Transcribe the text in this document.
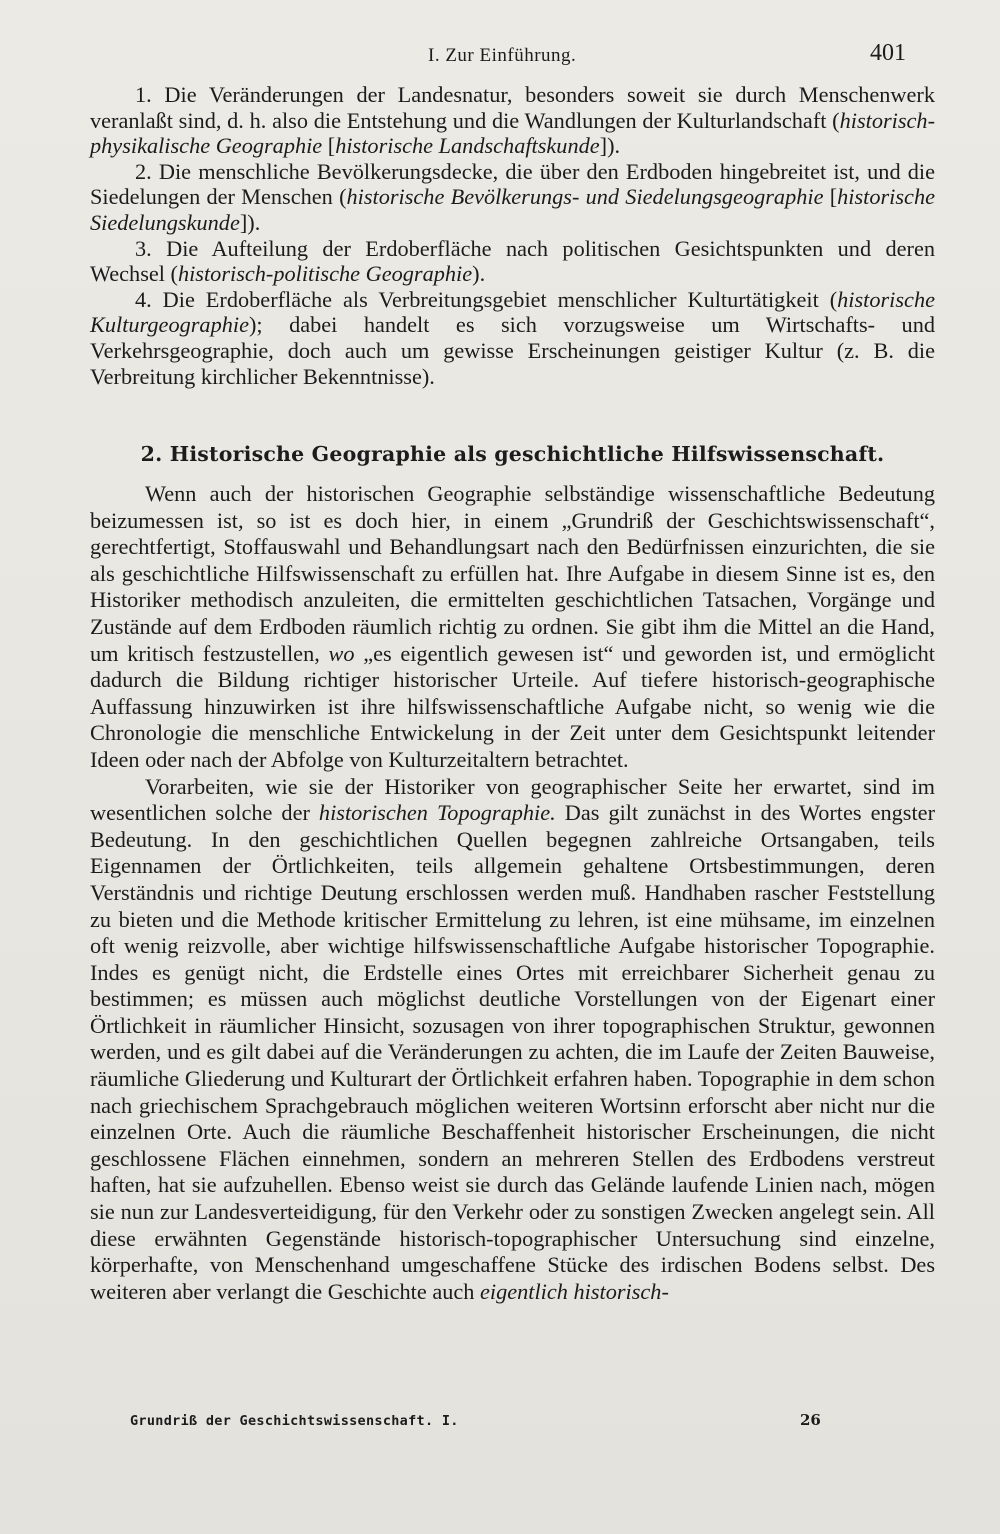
I. Zur Einführung.	401

1. Die Veränderungen der Landesnatur, besonders soweit sie durch Menschenwerk veranlaßt sind, d. h. also die Entstehung und die Wandlungen der Kulturlandschaft (historisch-physikalische Geographie [historische Landschaftskunde]).

2. Die menschliche Bevölkerungsdecke, die über den Erdboden hingebreitet ist, und die Siedelungen der Menschen (historische Bevölkerungs- und Siedelungsgeographie [historische Siedelungskunde]).

3. Die Aufteilung der Erdoberfläche nach politischen Gesichtspunkten und deren Wechsel (historisch-politische Geographie).

4. Die Erdoberfläche als Verbreitungsgebiet menschlicher Kulturtätigkeit (historische Kulturgeographie); dabei handelt es sich vorzugsweise um Wirtschafts- und Verkehrsgeographie, doch auch um gewisse Erscheinungen geistiger Kultur (z. B. die Verbreitung kirchlicher Bekenntnisse).

2. Historische Geographie als geschichtliche Hilfswissenschaft.

Wenn auch der historischen Geographie selbständige wissenschaftliche Bedeutung beizumessen ist, so ist es doch hier, in einem „Grundriß der Geschichtswissenschaft“, gerechtfertigt, Stoffauswahl und Behandlungsart nach den Bedürfnissen einzurichten, die sie als geschichtliche Hilfswissenschaft zu erfüllen hat. Ihre Aufgabe in diesem Sinne ist es, den Historiker methodisch anzuleiten, die ermittelten geschichtlichen Tatsachen, Vorgänge und Zustände auf dem Erdboden räumlich richtig zu ordnen. Sie gibt ihm die Mittel an die Hand, um kritisch festzustellen, wo „es eigentlich gewesen ist“ und geworden ist, und ermöglicht dadurch die Bildung richtiger historischer Urteile. Auf tiefere historisch-geographische Auffassung hinzuwirken ist ihre hilfswissenschaftliche Aufgabe nicht, so wenig wie die Chronologie die menschliche Entwickelung in der Zeit unter dem Gesichtspunkt leitender Ideen oder nach der Abfolge von Kulturzeitaltern betrachtet.

Vorarbeiten, wie sie der Historiker von geographischer Seite her erwartet, sind im wesentlichen solche der historischen Topographie. Das gilt zunächst in des Wortes engster Bedeutung. In den geschichtlichen Quellen begegnen zahlreiche Ortsangaben, teils Eigennamen der Örtlichkeiten, teils allgemein gehaltene Ortsbestimmungen, deren Verständnis und richtige Deutung erschlossen werden muß. Handhaben rascher Feststellung zu bieten und die Methode kritischer Ermittelung zu lehren, ist eine mühsame, im einzelnen oft wenig reizvolle, aber wichtige hilfswissenschaftliche Aufgabe historischer Topographie. Indes es genügt nicht, die Erdstelle eines Ortes mit erreichbarer Sicherheit genau zu bestimmen; es müssen auch möglichst deutliche Vorstellungen von der Eigenart einer Örtlichkeit in räumlicher Hinsicht, sozusagen von ihrer topographischen Struktur, gewonnen werden, und es gilt dabei auf die Veränderungen zu achten, die im Laufe der Zeiten Bauweise, räumliche Gliederung und Kulturart der Örtlichkeit erfahren haben. Topographie in dem schon nach griechischem Sprachgebrauch möglichen weiteren Wortsinn erforscht aber nicht nur die einzelnen Orte. Auch die räumliche Beschaffenheit historischer Erscheinungen, die nicht geschlossene Flächen einnehmen, sondern an mehreren Stellen des Erdbodens verstreut haften, hat sie aufzuhellen. Ebenso weist sie durch das Gelände laufende Linien nach, mögen sie nun zur Landesverteidigung, für den Verkehr oder zu sonstigen Zwecken angelegt sein. All diese erwähnten Gegenstände historisch-topographischer Untersuchung sind einzelne, körperhafte, von Menschenhand umgeschaffene Stücke des irdischen Bodens selbst. Des weiteren aber verlangt die Geschichte auch eigentlich historisch-

Grundriß der Geschichtswissenschaft. I.	26
